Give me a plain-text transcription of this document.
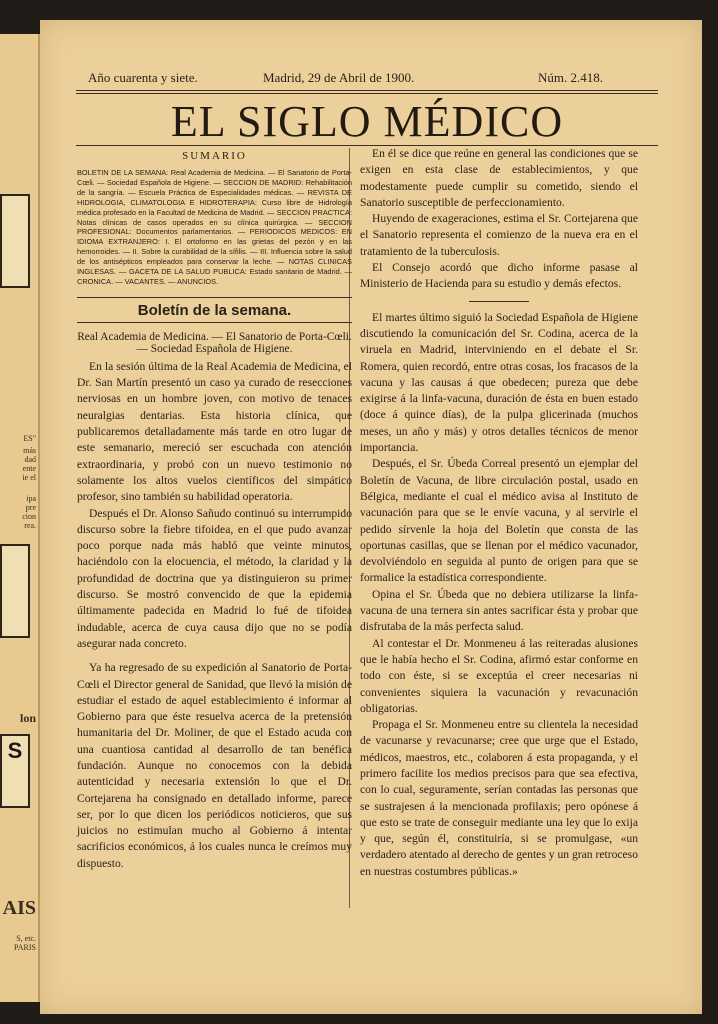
ES"
más
dad
ente
ie el
ipa
pre
cion
rea.
lon
S
AIS
S, etc.
PARIS
Año cuarenta y siete.	Madrid, 29 de Abril de 1900.	Núm. 2.418.
EL SIGLO MÉDICO

SUMARIO

BOLETIN DE LA SEMANA: Real Academia de Medicina. — El Sanatorio de Porta-Cœli. — Sociedad Española de Higiene. — SECCION DE MADRID: Rehabilitación de la sangría. — Escuela Práctica de Especialidades médicas. — REVISTA DE HIDROLOGIA, CLIMATOLOGIA E HIDROTERAPIA: Curso libre de Hidrología médica profesado en la Facultad de Medicina de Madrid. — SECCION PRACTICA: Notas clínicas de casos operados en su clínica quirúrgica. — SECCION PROFESIONAL: Documentos parlamentarios. — PERIODICOS MEDICOS: EN IDIOMA EXTRANJERO: I. El ortoformo en las grietas del pezón y en las hemorroides. — II. Sobre la curabilidad de la sífilis. — III. Influencia sobre la salud de los antisépticos empleados para conservar la leche. — NOTAS CLINICAS INGLESAS. — GACETA DE LA SALUD PUBLICA: Estado sanitario de Madrid. — CRONICA. — VACANTES. — ANUNCIOS.

Boletín de la semana.

Real Academia de Medicina. — El Sanatorio de Porta-Cœli. — Sociedad Española de Higiene.

En la sesión última de la Real Academia de Medicina, el Dr. San Martín presentó un caso ya curado de resecciones nerviosas en un hombre joven, con motivo de tenaces neuralgias dentarias. Esta historia clínica, que publicaremos detalladamente más tarde en otro lugar de este semanario, mereció ser escuchada con atención extraordinaria, y probó con un nuevo testimonio no solamente los altos vuelos científicos del simpático profesor, sino también su habilidad operatoria.

Después el Dr. Alonso Sañudo continuó su interrumpido discurso sobre la fiebre tifoidea, en el que pudo avanzar poco porque nada más habló que veinte minutos, haciéndolo con la elocuencia, el método, la claridad y la profundidad de doctrina que ya distinguieron su primer discurso. Se mostró convencido de que la epidemia últimamente padecida en Madrid lo fué de tifoidea indudable, acerca de cuya causa dijo que no se podía asegurar nada concreto.

Ya ha regresado de su expedición al Sanatorio de Porta-Cœli el Director general de Sanidad, que llevó la misión de estudiar el estado de aquel establecimiento é informar al Gobierno para que éste resuelva acerca de la pretensión humanitaria del Dr. Moliner, de que el Estado acuda con una cuantiosa cantidad al desarrollo de tan benéfica fundación. Aunque no conocemos con la debida autenticidad y necesaria extensión lo que el Dr. Cortejarena ha consignado en detallado informe, parece ser, por lo que dicen los periódicos noticieros, que sus juicios no estimulan mucho al Gobierno á intentar sacrificios económicos, á los cuales nunca le creímos muy dispuesto.

En él se dice que reúne en general las condiciones que se exigen en esta clase de establecimientos, y que modestamente puede cumplir su cometido, siendo el Sanatorio susceptible de perfeccionamiento.

Huyendo de exageraciones, estima el Sr. Cortejarena que el Sanatorio representa el comienzo de la nueva era en el tratamiento de la tuberculosis.

El Consejo acordó que dicho informe pasase al Ministerio de Hacienda para su estudio y demás efectos.

El martes último siguió la Sociedad Española de Higiene discutiendo la comunicación del Sr. Codina, acerca de la viruela en Madrid, interviniendo en el debate el Sr. Romera, quien recordó, entre otras cosas, los fracasos de la vacuna y las causas á que obedecen; pureza que debe exigirse á la linfa-vacuna, duración de ésta en buen estado (doce á quince días), de la pulpa glicerinada (muchos meses, un año y más) y otros detalles técnicos de menor importancia.

Después, el Sr. Úbeda Correal presentó un ejemplar del Boletín de Vacuna, de libre circulación postal, usado en Bélgica, mediante el cual el médico avisa al Instituto de vacunación para que se le envíe vacuna, y al servirle el pedido sírvenle la hoja del Boletín que consta de las oportunas casillas, que se llenan por el médico vacunador, devolviéndolo en seguida al punto de origen para que se formalice la estadística correspondiente.

Opina el Sr. Úbeda que no debiera utilizarse la linfa-vacuna de una ternera sin antes sacrificar ésta y probar que disfrutaba de la más perfecta salud.

Al contestar el Dr. Monmeneu á las reiteradas alusiones que le había hecho el Sr. Codina, afirmó estar conforme en todo con éste, si se exceptúa el creer necesarias ni convenientes siquiera la vacunación y revacunación obligatorias.

Propaga el Sr. Monmeneu entre su clientela la necesidad de vacunarse y revacunarse; cree que urge que el Estado, médicos, maestros, etc., colaboren á esta propaganda, y el primero facilite los medios precisos para que sea efectiva, con lo cual, seguramente, serían contadas las personas que se sustrajesen á la mencionada profilaxis; pero opónese á que esto se trate de conseguir mediante una ley que lo exija y que, según él, constituiría, si se promulgase, «un verdadero atentado al derecho de gentes y un gran retroceso en nuestras costumbres públicas.»
